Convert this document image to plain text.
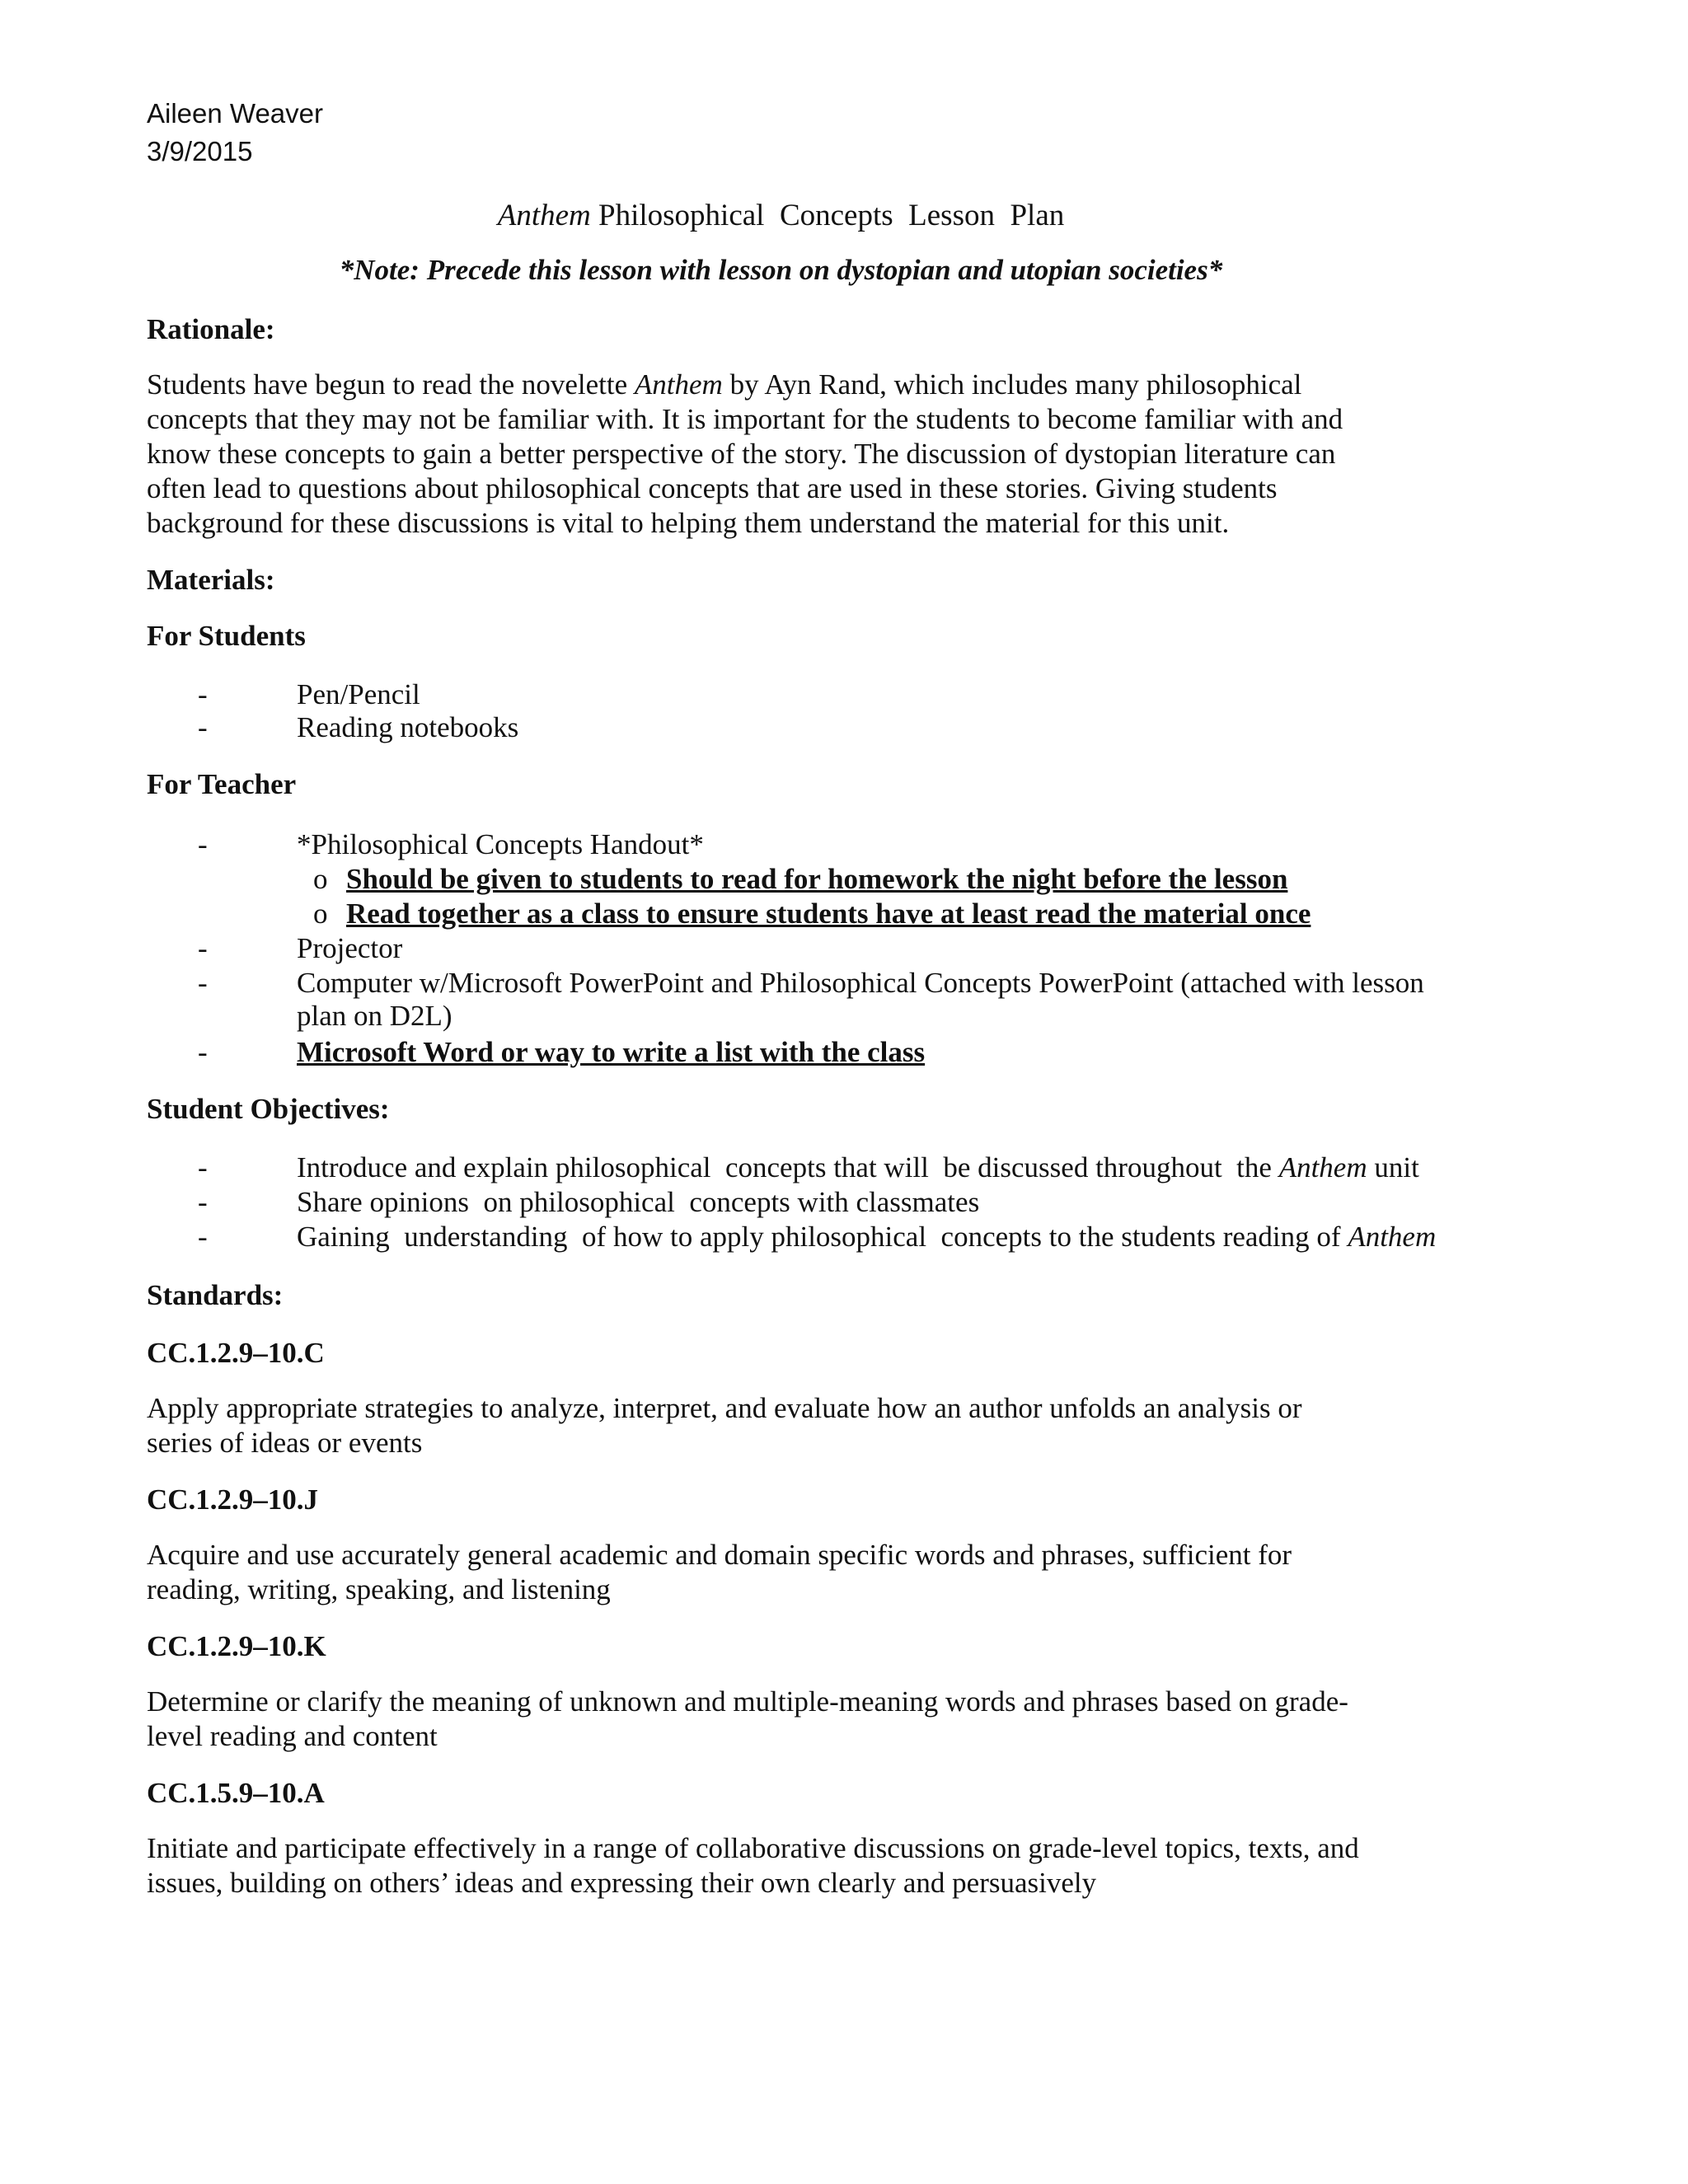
Aileen Weaver
3/9/2015
Anthem Philosophical  Concepts  Lesson  Plan
*Note: Precede this lesson with lesson on dystopian and utopian societies*
Rationale:
Students have begun to read the novelette Anthem by Ayn Rand, which includes many philosophical
concepts that they may not be familiar with. It is important for the students to become familiar with and
know these concepts to gain a better perspective of the story. The discussion of dystopian literature can
often lead to questions about philosophical concepts that are used in these stories. Giving students
background for these discussions is vital to helping them understand the material for this unit.
Materials:
For Students
-	Pen/Pencil
-	Reading notebooks
For Teacher
-	*Philosophical Concepts Handout*
o Should be given to students to read for homework the night before the lesson
o Read together as a class to ensure students have at least read the material once
-	Projector
-	Computer w/Microsoft PowerPoint and Philosophical Concepts PowerPoint (attached with lesson
plan on D2L)
-	Microsoft Word or way to write a list with the class
Student Objectives:
-	Introduce and explain philosophical  concepts that will  be discussed throughout  the Anthem unit
-	Share opinions  on philosophical  concepts with classmates
-	Gaining  understanding  of how to apply philosophical  concepts to the students reading of Anthem
Standards:
CC.1.2.9–10.C
Apply appropriate strategies to analyze, interpret, and evaluate how an author unfolds an analysis or
series of ideas or events
CC.1.2.9–10.J
Acquire and use accurately general academic and domain specific words and phrases, sufficient for
reading, writing, speaking, and listening
CC.1.2.9–10.K
Determine or clarify the meaning of unknown and multiple-meaning words and phrases based on grade-
level reading and content
CC.1.5.9–10.A
Initiate and participate effectively in a range of collaborative discussions on grade-level topics, texts, and
issues, building on others’ ideas and expressing their own clearly and persuasively
